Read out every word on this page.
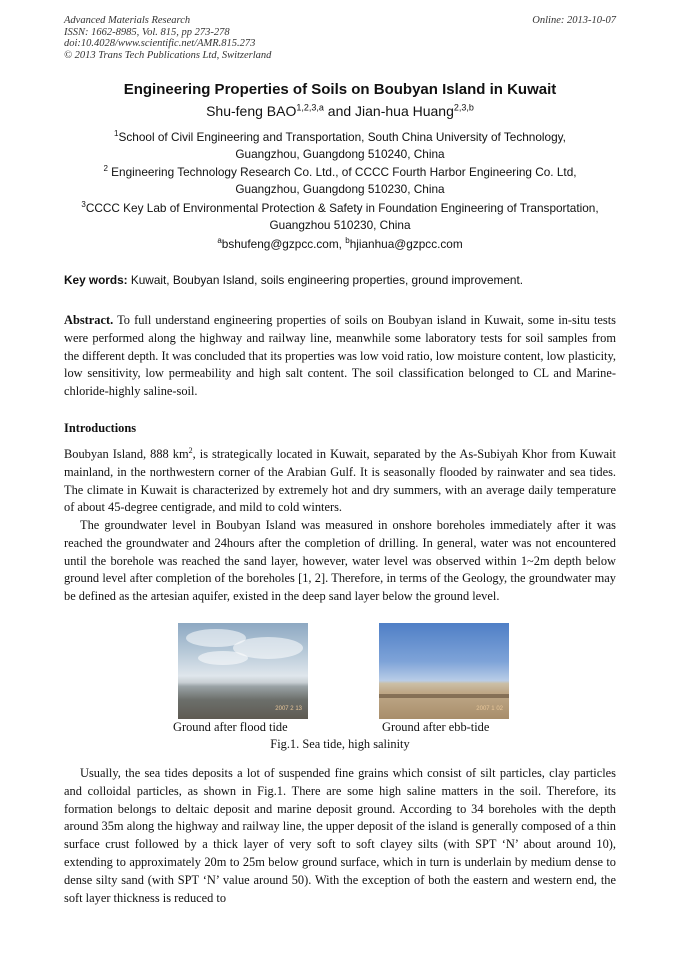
Advanced Materials Research
ISSN: 1662-8985, Vol. 815, pp 273-278
doi:10.4028/www.scientific.net/AMR.815.273
© 2013 Trans Tech Publications Ltd, Switzerland
Online: 2013-10-07
Engineering Properties of Soils on Boubyan Island in Kuwait
Shu-feng BAO$^{1,2,3,a}$ and Jian-hua Huang$^{2,3,b}$
$^1$School of Civil Engineering and Transportation, South China University of Technology,
Guangzhou, Guangdong 510240, China
$^2$ Engineering Technology Research Co. Ltd., of CCCC Fourth Harbor Engineering Co. Ltd,
Guangzhou, Guangdong 510230, China
$^3$CCCC Key Lab of Environmental Protection & Safety in Foundation Engineering of Transportation,
Guangzhou 510230, China
$^a$bshufeng@gzpcc.com, $^b$hjianhua@gzpcc.com
Key words: Kuwait, Boubyan Island, soils engineering properties, ground improvement.
Abstract. To full understand engineering properties of soils on Boubyan island in Kuwait, some in-situ tests were performed along the highway and railway line, meanwhile some laboratory tests for soil samples from the different depth. It was concluded that its properties was low void ratio, low moisture content, low plasticity, low sensitivity, low permeability and high salt content. The soil classification belonged to CL and Marine-chloride-highly saline-soil.
Introductions
Boubyan Island, 888 $km^2$, is strategically located in Kuwait, separated by the As-Subiyah Khor from Kuwait mainland, in the northwestern corner of the Arabian Gulf. It is seasonally flooded by rainwater and sea tides. The climate in Kuwait is characterized by extremely hot and dry summers, with an average daily temperature of about 45-degree centigrade, and mild to cold winters.
The groundwater level in Boubyan Island was measured in onshore boreholes immediately after it was reached the groundwater and 24hours after the completion of drilling. In general, water was not encountered until the borehole was reached the sand layer, however, water level was observed within 1~2m depth below ground level after completion of the boreholes [1, 2]. Therefore, in terms of the Geology, the groundwater may be defined as the artesian aquifer, existed in the deep sand layer below the ground level.
2007 2 13	2007 1 02
Ground after flood tide	Ground after ebb-tide
Fig.1. Sea tide, high salinity
Usually, the sea tides deposits a lot of suspended fine grains which consist of silt particles, clay particles and colloidal particles, as shown in Fig.1. There are some high saline matters in the soil. Therefore, its formation belongs to deltaic deposit and marine deposit ground. According to 34 boreholes with the depth around 35m along the highway and railway line, the upper deposit of the island is generally composed of a thin surface crust followed by a thick layer of very soft to soft clayey silts (with SPT ‘N’ about around 10), extending to approximately 20m to 25m below ground surface, which in turn is underlain by medium dense to dense silty sand (with SPT ‘N’ value around 50). With the exception of both the eastern and western end, the soft layer thickness is reduced to
